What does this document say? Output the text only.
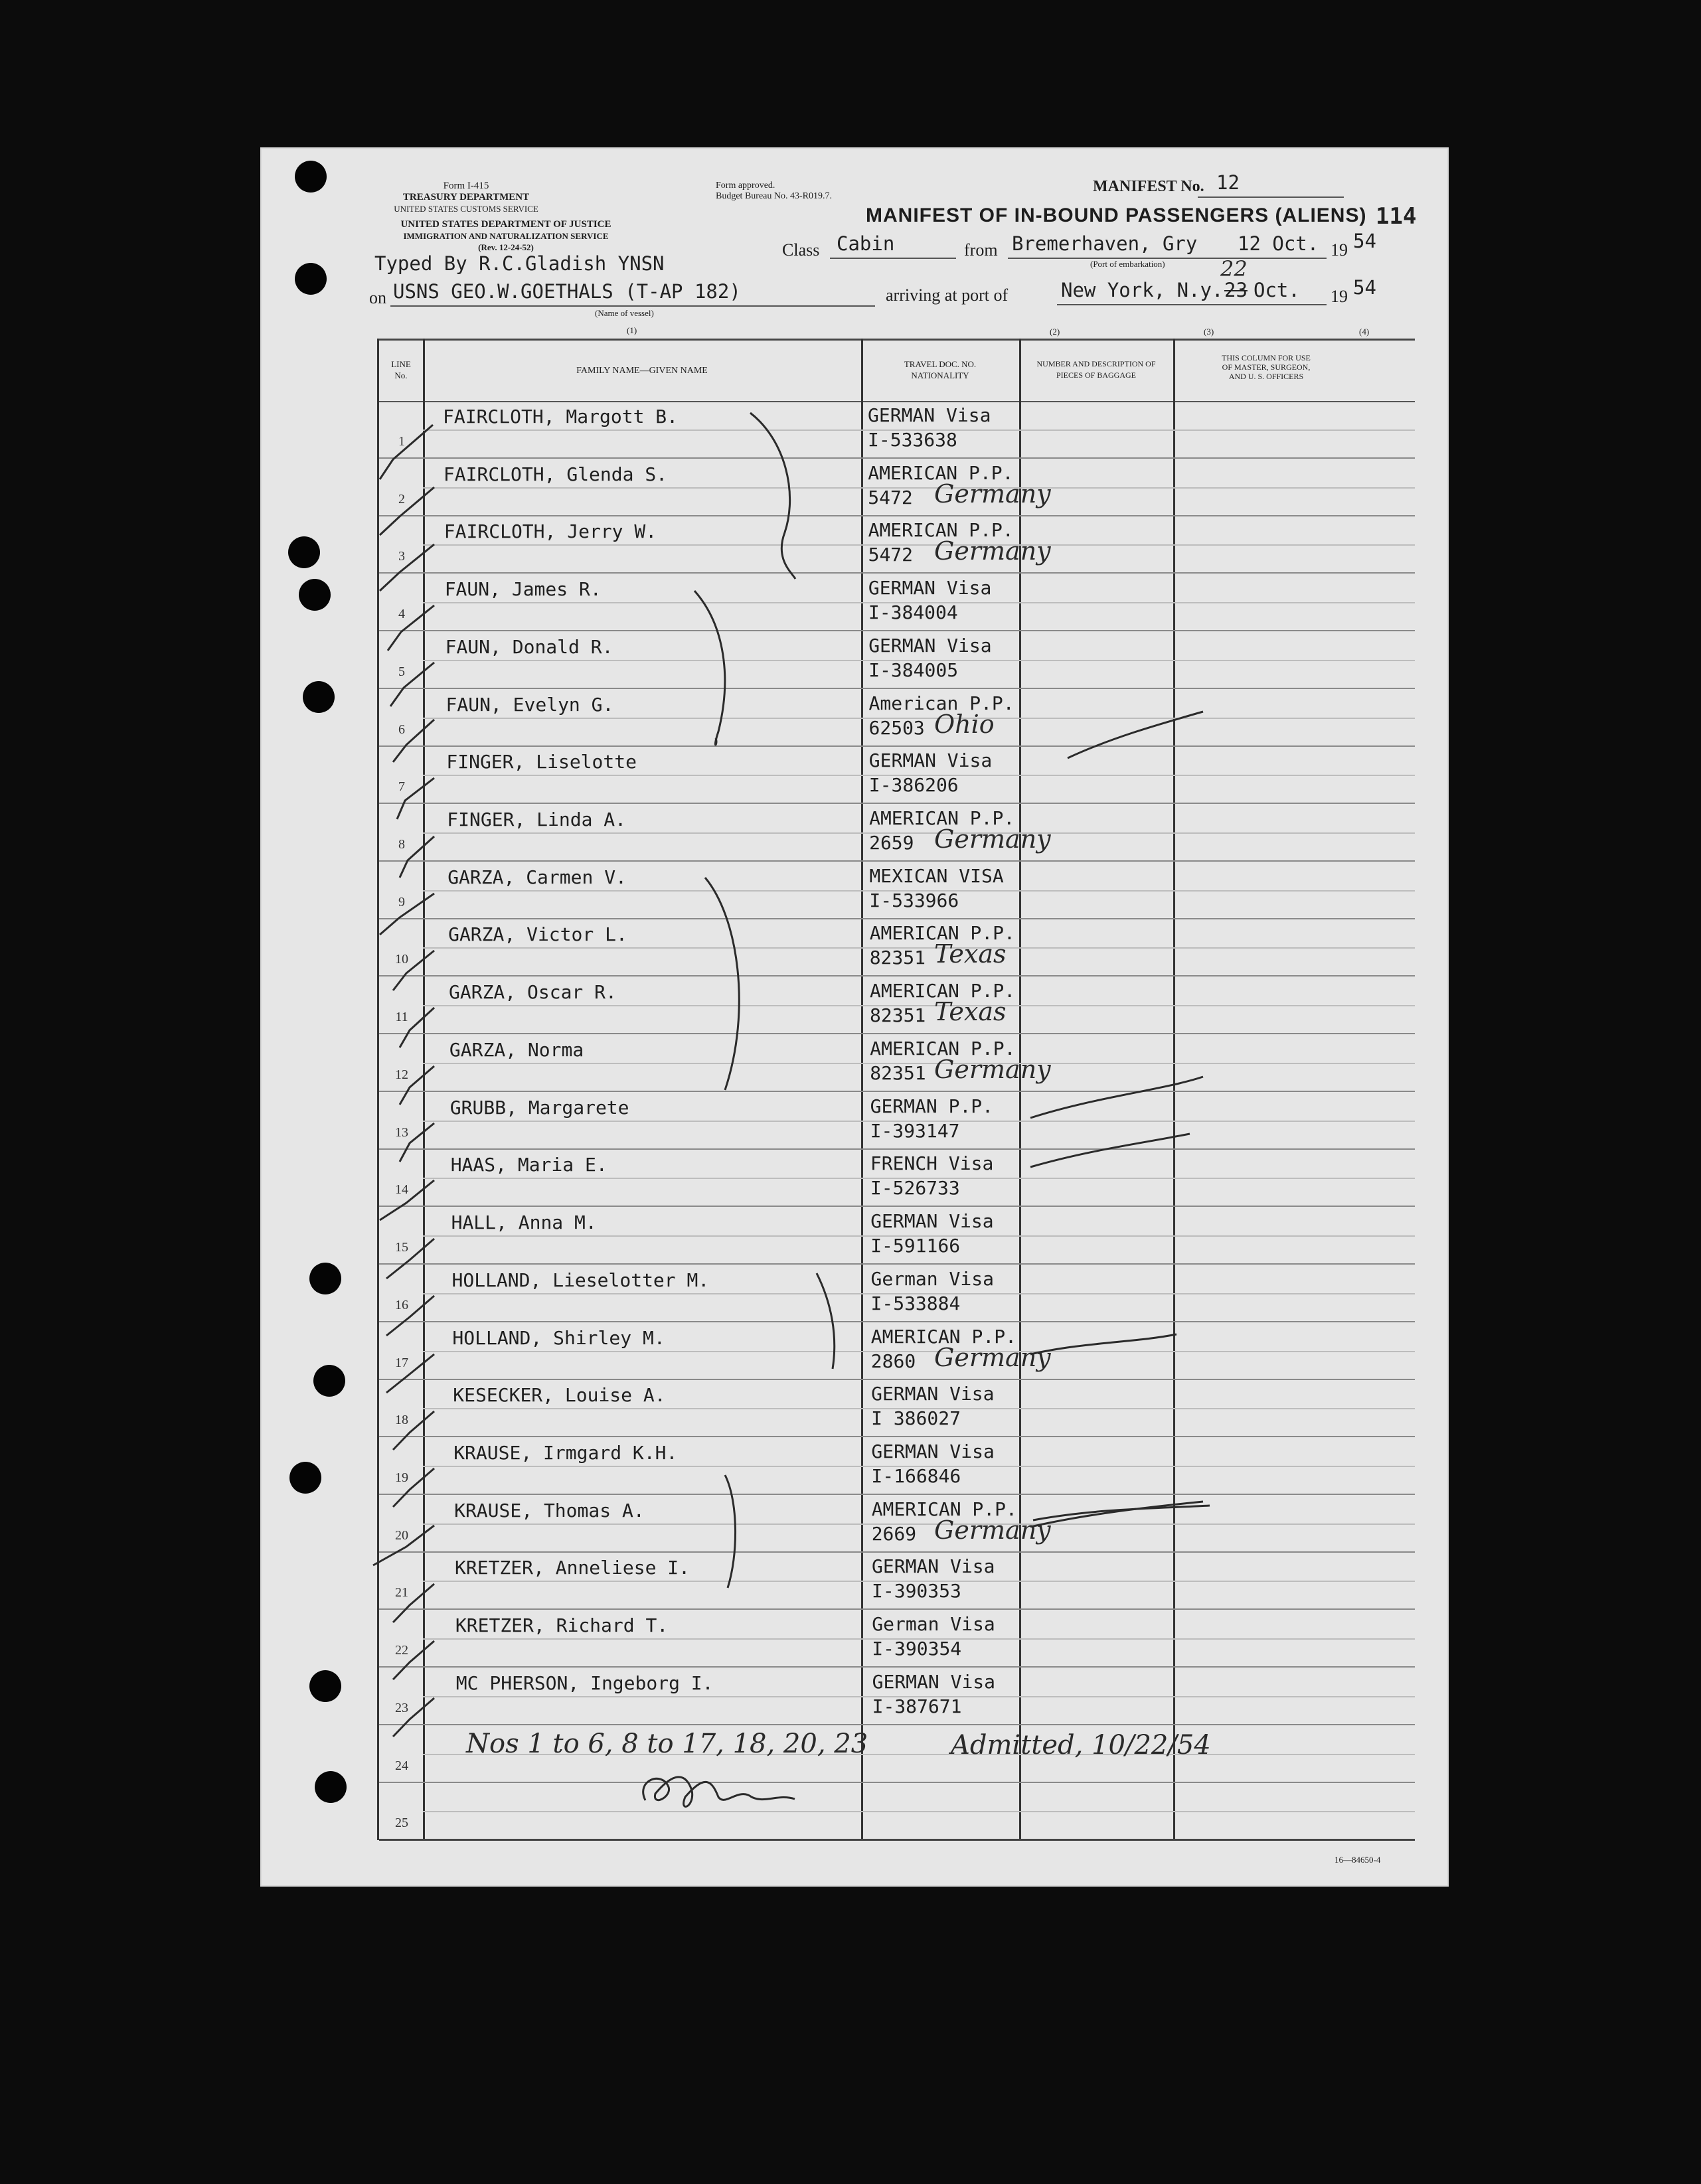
Form I-415
TREASURY DEPARTMENT
UNITED STATES CUSTOMS SERVICE
UNITED STATES DEPARTMENT OF JUSTICE
IMMIGRATION AND NATURALIZATION SERVICE
(Rev. 12-24-52)
Form approved.
Budget Bureau No. 43-R019.7.
MANIFEST No. 12
114
MANIFEST OF IN-BOUND PASSENGERS (ALIENS)
Typed By R.C.Gladish YNSN
Class Cabin	from Bremerhaven, Gry 12 Oct. 19 54
(Port of embarkation)
on USNS GEO.W.GOETHALS (T-AP 182)
(Name of vessel)
(1)
arriving at port of	New York, N.y. 23
22
Oct. 19 54
(2)	(3)	(4)
LINE
No.	FAMILY NAME—GIVEN NAME
TRAVEL DOC. NO.
NATIONALITY
NUMBER AND DESCRIPTION OF
PIECES OF BAGGAGE
THIS COLUMN FOR USE
OF MASTER, SURGEON,
AND U. S. OFFICERS
1
FAIRCLOTH, Margott B.	GERMAN Visa
I-533638
2
FAIRCLOTH, Glenda S.	AMERICAN P.P.
5472 Germany
3
FAIRCLOTH, Jerry W.	AMERICAN P.P.
5472 Germany
4
FAUN, James R.	GERMAN Visa
I-384004
5
FAUN, Donald R.	GERMAN Visa
I-384005
6
FAUN, Evelyn G.	American P.P.
62503 Ohio
7
FINGER, Liselotte	GERMAN Visa
I-386206
8
FINGER, Linda A.	AMERICAN P.P.
2659 Germany
9
GARZA, Carmen V.	MEXICAN VISA
I-533966
10
GARZA, Victor L.	AMERICAN P.P.
82351 Texas
11
GARZA, Oscar R.	AMERICAN P.P.
82351 Texas
12
GARZA, Norma	AMERICAN P.P.
82351 Germany
13
GRUBB, Margarete	GERMAN P.P.
I-393147
14
HAAS, Maria E.	FRENCH Visa
I-526733
15
HALL, Anna M.	GERMAN Visa
I-591166
16
HOLLAND, Lieselotter M.	German Visa
I-533884
17
HOLLAND, Shirley M.	AMERICAN P.P.
2860 Germany
18
KESECKER, Louise A.	GERMAN Visa
I 386027
19
KRAUSE, Irmgard K.H.	GERMAN Visa
I-166846
20
KRAUSE, Thomas A.	AMERICAN P.P.
2669 Germany
21
KRETZER, Anneliese I.	GERMAN Visa
I-390353
22
KRETZER, Richard T.	German Visa
I-390354
23
MC PHERSON, Ingeborg I.	GERMAN Visa
I-387671
24
25
Nos 1 to 6, 8 to 17, 18, 20, 23	Admitted, 10/22/54
16—84650-4
